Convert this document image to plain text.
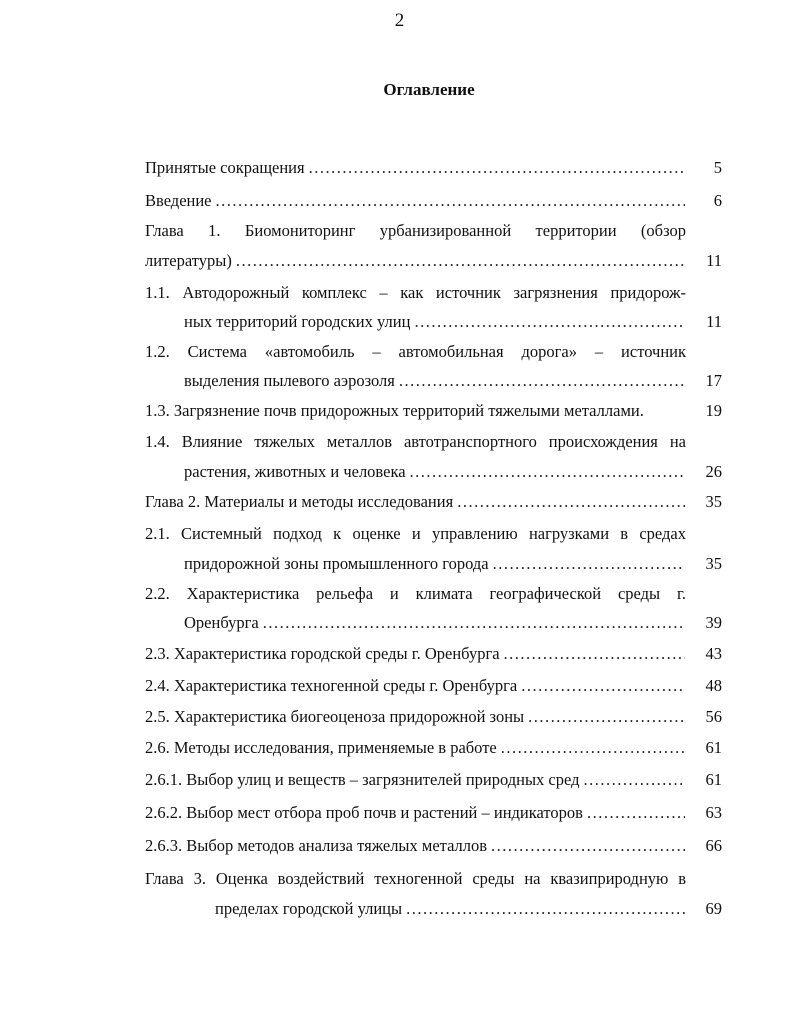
2
Оглавление
Принятые сокращения .....	5
Введение .....	6
Глава 1. Биомониторинг урбанизированной территории (обзор
литературы) .....	11
1.1. Автодорожный комплекс – как источник загрязнения придорож-
ных территорий городских улиц .....	11
1.2. Система «автомобиль – автомобильная дорога» – источник
выделения пылевого аэрозоля .....	17
1.3. Загрязнение почв придорожных территорий тяжелыми металлами.	19
1.4. Влияние тяжелых металлов автотранспортного происхождения на
растения, животных и человека .....	26
Глава 2. Материалы и методы исследования .....	35
2.1. Системный подход к оценке и управлению нагрузками в средах
придорожной зоны промышленного города .....	35
2.2. Характеристика рельефа и климата географической среды г.
Оренбурга .....	39
2.3. Характеристика городской среды г. Оренбурга .....	43
2.4. Характеристика техногенной среды г. Оренбурга .....	48
2.5. Характеристика биогеоценоза придорожной зоны .....	56
2.6. Методы исследования, применяемые в работе .....	61
2.6.1. Выбор улиц и веществ – загрязнителей природных сред .....	61
2.6.2. Выбор мест отбора проб почв и растений – индикаторов .....	63
2.6.3. Выбор методов анализа тяжелых металлов .....	66
Глава 3. Оценка воздействий техногенной среды на квазиприродную в
пределах городской улицы .....	69
